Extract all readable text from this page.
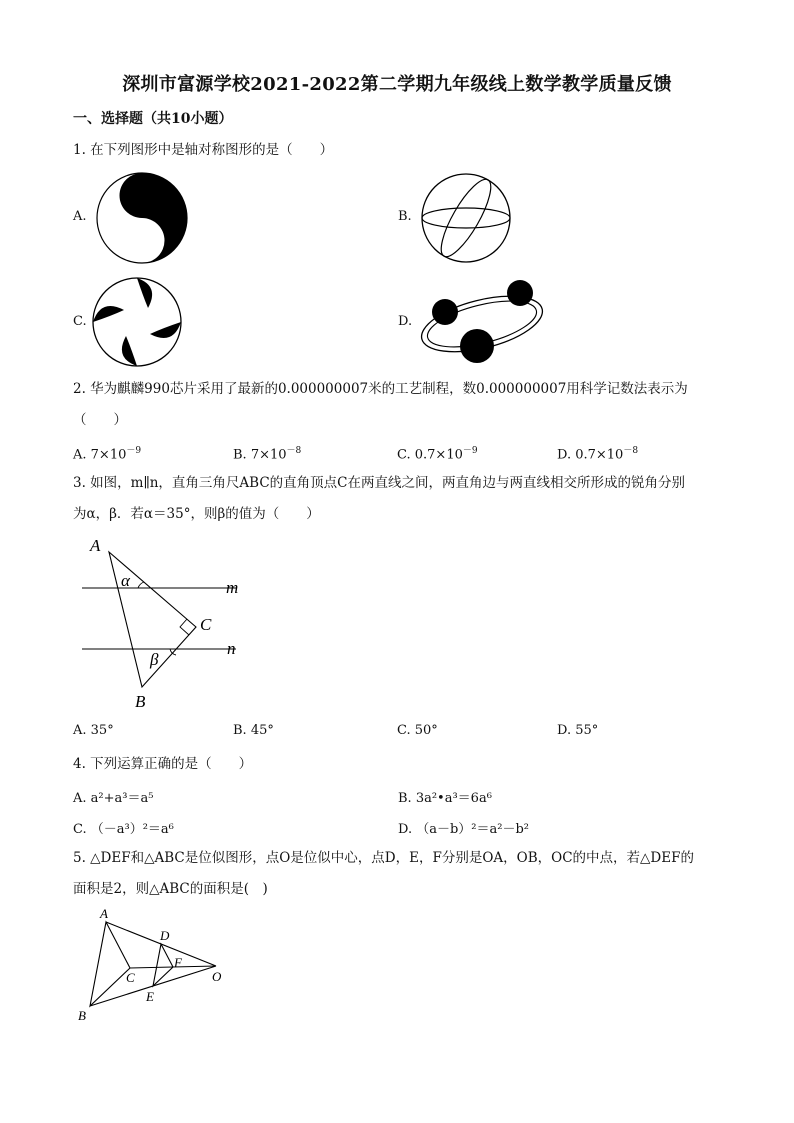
深圳市富源学校2021-2022第二学期九年级线上数学教学质量反馈
一、选择题（共10小题）
1. 在下列图形中是轴对称图形的是（　　）
A.	B.
C.	D.
2. 华为麒麟990芯片采用了最新的0.000000007米的工艺制程，数0.000000007用科学记数法表示为
（　　）
A. $7\times 10^{-9}$	B. $7\times 10^{-8}$	C. $0.7\times 10^{-9}$	D. $0.7\times 10^{-8}$
3. 如图，m∥n，直角三角尺ABC的直角顶点C在两直线之间，两直角边与两直线相交所形成的锐角分别
为α，β．若α＝35°，则β的值为（　　）
A
B
C
m
n
α
β
A. 35°	B. 45°	C. 50°	D. 55°
4. 下列运算正确的是（　　）
A. a²+a³＝a⁵	B. 3a²•a³＝6a⁶
C. （－a³）²＝a⁶	D. （a－b）²＝a²－b²
5. △DEF和△ABC是位似图形，点O是位似中心，点D，E，F分别是OA，OB，OC的中点，若△DEF的
面积是2，则△ABC的面积是(　)
A
B
C
D
E
F
O
